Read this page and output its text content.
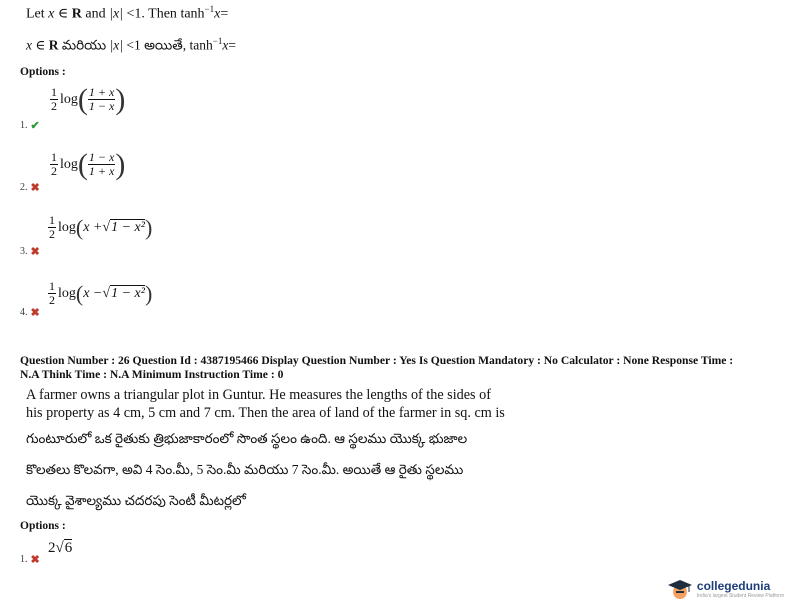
Let x ∈ R and |x| <1. Then $\tanh^{-1}x=$
x ∈ R మరియు |x| <1 అయితే, $\tanh^{-1}x=$
Options :
$\frac{1}{2}$ log ( $\frac{1 + x}{1 - x}$ )
1. ✔
$\frac{1}{2}$ log ( $\frac{1 - x}{1 + x}$ )
2. ✖
$\frac{1}{2}$ log ( x + √ 1 − x² )
3. ✖
$\frac{1}{2}$ log ( x − √ 1 − x² )
4. ✖
Question Number : 26 Question Id : 4387195466 Display Question Number : Yes Is Question Mandatory : No Calculator : None Response Time :
N.A Think Time : N.A Minimum Instruction Time : 0
A farmer owns a triangular plot in Guntur. He measures the lengths of the sides of
his property as 4 cm, 5 cm and 7 cm. Then the area of land of the farmer in sq. cm is
గుంటూరులో ఒక రైతుకు త్రిభుజాకారంలో సొంత స్థలం ఉంది. ఆ స్థలము యొక్క భుజాల
కొలతలు కొలవగా, అవి 4 సెం.మీ, 5 సెం.మీ మరియు 7 సెం.మీ. అయితే ఆ రైతు స్థలము
యొక్క వైశాల్యము చదరపు సెంటీ మీటర్లలో
Options :
2√6
1. ✖
collegedunia
India's largest Student Review Platform
